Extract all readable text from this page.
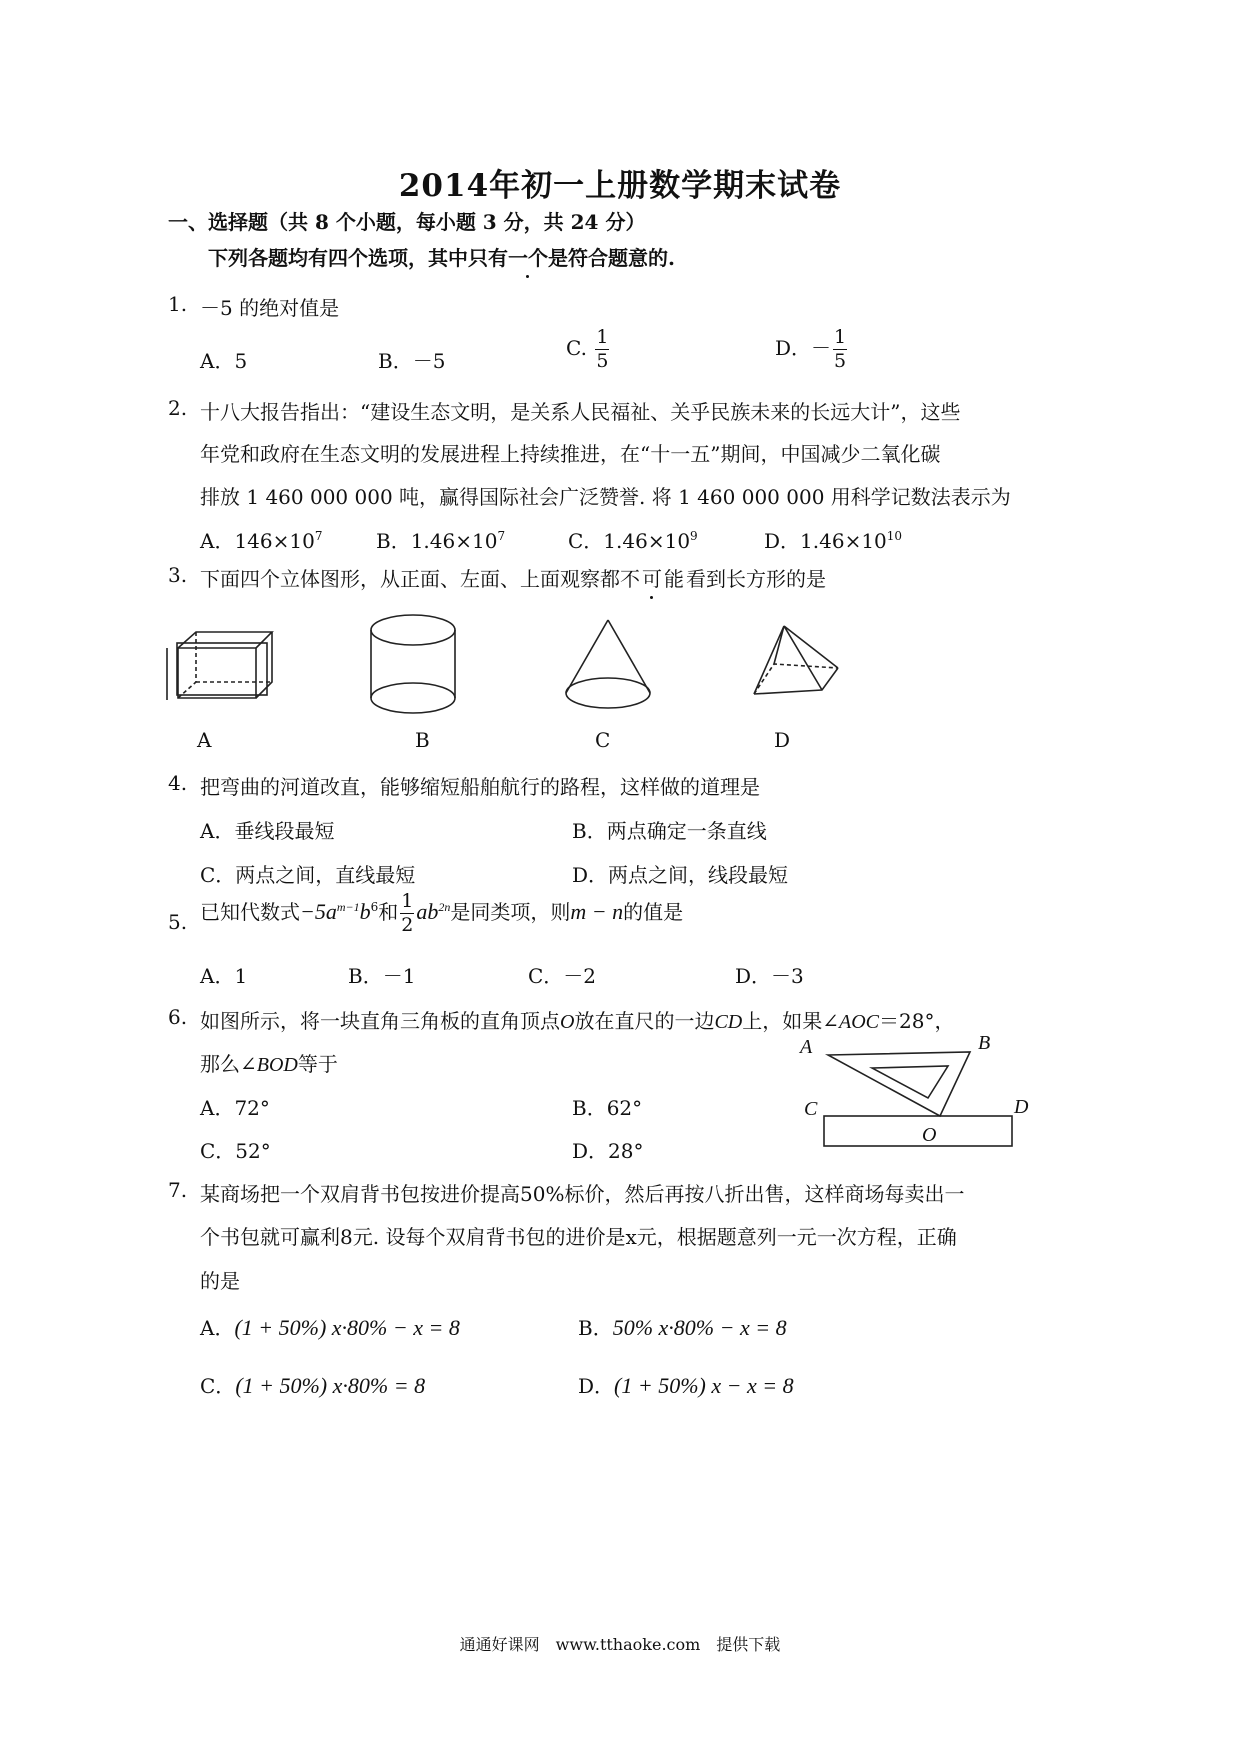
2014年初一上册数学期末试卷
一、选择题（共 8 个小题，每小题 3 分，共 24 分）
下列各题均有四个选项，其中只有一个是符合题意的.
1. －5 的绝对值是
A．5	B．－5
C. $\frac{1}{5}$	D．－ $\frac{1}{5}$
2. 十八大报告指出：“建设生态文明，是关系人民福祉、关乎民族未来的长远大计”，这些
年党和政府在生态文明的发展进程上持续推进，在“十一五”期间，中国减少二氧化碳
排放 1 460 000 000 吨，赢得国际社会广泛赞誉. 将 1 460 000 000 用科学记数法表示为
A．$146\times 10^7$	B．$1.46\times 10^7$	C．$1.46\times 10^9$	D．$1.46\times 10^{10}$
3. 下面四个立体图形，从正面、左面、上面观察都不可能看到长方形的是
A	B	C	D
4. 把弯曲的河道改直，能够缩短船舶航行的路程，这样做的道理是
A．垂线段最短	B．两点确定一条直线
C．两点之间，直线最短	D．两点之间，线段最短
5. 已知代数式$-5a^{m-1}b^6$和 $\frac{1}{2} ab^{2n}$是同类项，则m − n的值是
A．1	B．－1	C．－2	D．－3
6. 如图所示，将一块直角三角板的直角顶点O放在直尺的一边CD上，如果∠AOC＝28°，
那么∠BOD等于
A．72°	B．62°
C．52°	D．28°
A	B
C	D
O
7. 某商场把一个双肩背书包按进价提高50%标价，然后再按八折出售，这样商场每卖出一
个书包就可赢利8元. 设每个双肩背书包的进价是x元，根据题意列一元一次方程，正确
的是
A．(1 + 50%) x·80% − x = 8	B．50% x·80% − x = 8
C．(1 + 50%) x·80% = 8	D．(1 + 50%) x − x = 8
通通好课网　www.tthaoke.com　提供下载
